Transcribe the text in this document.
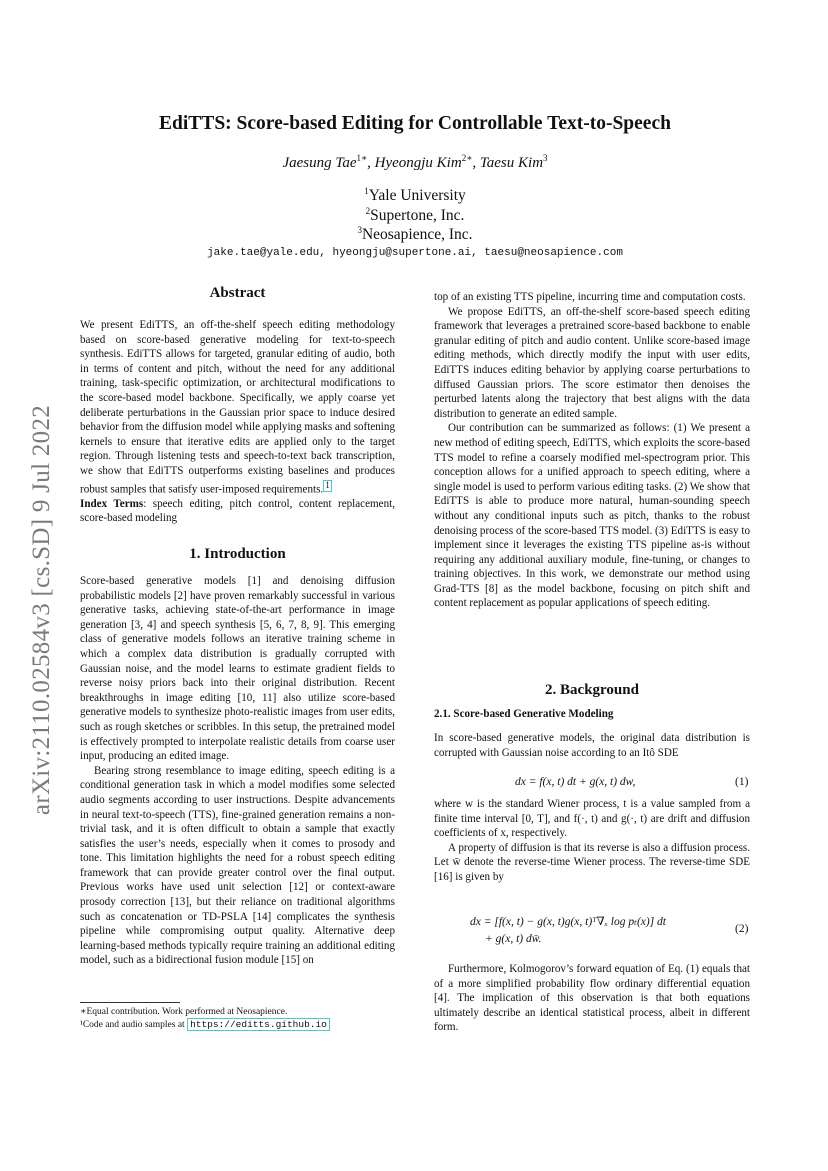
arXiv:2110.02584v3 [cs.SD] 9 Jul 2022
EdiTTS: Score-based Editing for Controllable Text-to-Speech
Jaesung Tae$^{1∗}$, Hyeongju Kim$^{2∗}$, Taesu Kim$^3$
$^1$Yale University
$^2$Supertone, Inc.
$^3$Neosapience, Inc.
jake.tae@yale.edu, hyeongju@supertone.ai, taesu@neosapience.com
Abstract

We present EdiTTS, an off-the-shelf speech editing methodology based on score-based generative modeling for text-to-speech synthesis. EdiTTS allows for targeted, granular editing of audio, both in terms of content and pitch, without the need for any additional training, task-specific optimization, or architectural modifications to the score-based model backbone. Specifically, we apply coarse yet deliberate perturbations in the Gaussian prior space to induce desired behavior from the diffusion model while applying masks and softening kernels to ensure that iterative edits are applied only to the target region. Through listening tests and speech-to-text back transcription, we show that EdiTTS outperforms existing baselines and produces robust samples that satisfy user-imposed requirements. $^1$

Index Terms: speech editing, pitch control, content replacement, score-based modeling

1. Introduction

Score-based generative models [1] and denoising diffusion probabilistic models [2] have proven remarkably successful in various generative tasks, achieving state-of-the-art performance in image generation [3, 4] and speech synthesis [5, 6, 7, 8, 9]. This emerging class of generative models follows an iterative training scheme in which a complex data distribution is gradually corrupted with Gaussian noise, and the model learns to estimate gradient fields to reverse noisy priors back into their original distribution. Recent breakthroughs in image editing [10, 11] also utilize score-based generative models to synthesize photo-realistic images from user edits, such as rough sketches or scribbles. In this setup, the pretrained model is effectively prompted to interpolate realistic details from coarse user input, producing an edited image.

Bearing strong resemblance to image editing, speech editing is a conditional generation task in which a model modifies some selected audio segments according to user instructions. Despite advancements in neural text-to-speech (TTS), fine-grained generation remains a non-trivial task, and it is often difficult to obtain a sample that exactly satisfies the user’s needs, especially when it comes to prosody and tone. This limitation highlights the need for a robust speech editing framework that can provide greater control over the final output. Previous works have used unit selection [12] or context-aware prosody correction [13], but their reliance on traditional algorithms such as concatenation or TD-PSLA [14] complicates the synthesis pipeline while compromising output quality. Alternative deep learning-based methods typically require training an additional editing model, such as a bidirectional fusion module [15] on

top of an existing TTS pipeline, incurring time and computation costs.

We propose EdiTTS, an off-the-shelf score-based speech editing framework that leverages a pretrained score-based backbone to enable granular editing of pitch and audio content. Unlike score-based image editing methods, which directly modify the input with user edits, EdiTTS induces editing behavior by applying coarse perturbations to diffused Gaussian priors. The score estimator then denoises the perturbed latents along the trajectory that best aligns with the data distribution to generate an edited sample.

Our contribution can be summarized as follows: (1) We present a new method of editing speech, EdiTTS, which exploits the score-based TTS model to refine a coarsely modified mel-spectrogram prior. This conception allows for a unified approach to speech editing, where a single model is used to perform various editing tasks. (2) We show that EdiTTS is able to produce more natural, human-sounding speech without any conditional inputs such as pitch, thanks to the robust denoising process of the score-based TTS model. (3) EdiTTS is easy to implement since it leverages the existing TTS pipeline as-is without requiring any additional auxiliary module, fine-tuning, or changes to training objectives. In this work, we demonstrate our method using Grad-TTS [8] as the model backbone, focusing on pitch shift and content replacement as popular applications of speech editing.

2. Background
2.1. Score-based Generative Modeling

In score-based generative models, the original data distribution is corrupted with Gaussian noise according to an Itô SDE

dx = f(x, t) dt + g(x, t) dw,	(1)

where w is the standard Wiener process, t is a value sampled from a finite time interval [0, T], and f(·, t) and g(·, t) are drift and diffusion coefficients of x, respectively.

A property of diffusion is that its reverse is also a diffusion process. Let w̄ denote the reverse-time Wiener process. The reverse-time SDE [16] is given by

dx = [f(x, t) − g(x, t)g(x, t)ᵀ∇ₓ log pₜ(x)] dt
+ g(x, t) dw̄.
(2)

Furthermore, Kolmogorov’s forward equation of Eq. (1) equals that of a more simplified probability flow ordinary differential equation [4]. The implication of this observation is that both equations ultimately describe an identical statistical process, albeit in different form.

∗Equal contribution. Work performed at Neosapience.
¹Code and audio samples at https://editts.github.io
